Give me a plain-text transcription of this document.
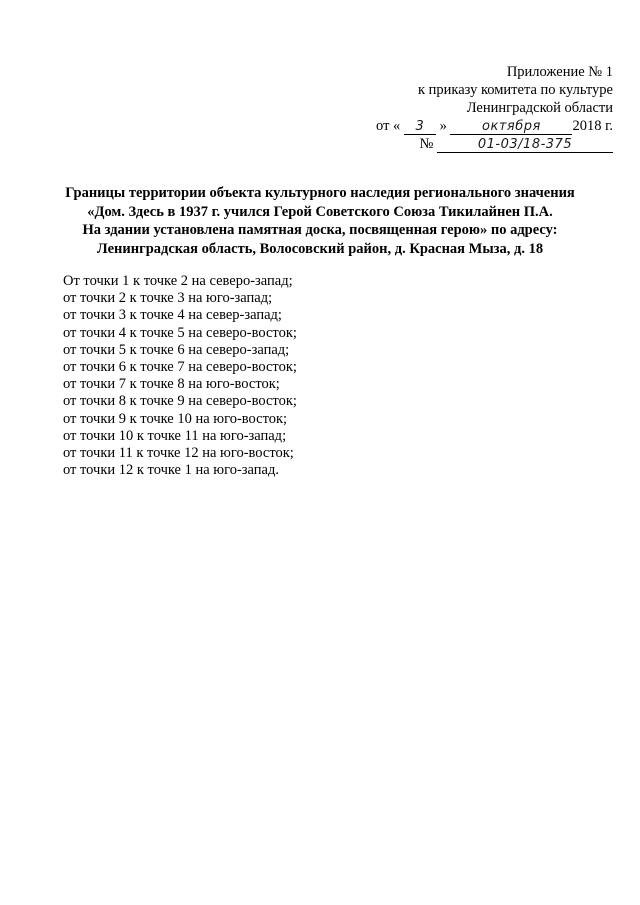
Приложение № 1
к приказу комитета по культуре
Ленинградской области
от « 3 »	октября 2018 г.
№	01-03/18-375
Границы территории объекта культурного наследия регионального значения
«Дом. Здесь в 1937 г. учился Герой Советского Союза Тикилайнен П.А.
На здании установлена памятная доска, посвященная герою» по адресу:
Ленинградская область, Волосовский район, д. Красная Мыза, д. 18
От точки 1 к точке 2 на северо-запад;
от точки 2 к точке 3 на юго-запад;
от точки 3 к точке 4 на север-запад;
от точки 4 к точке 5 на северо-восток;
от точки 5 к точке 6 на северо-запад;
от точки 6 к точке 7 на северо-восток;
от точки 7 к точке 8 на юго-восток;
от точки 8 к точке 9 на северо-восток;
от точки 9 к точке 10 на юго-восток;
от точки 10 к точке 11 на юго-запад;
от точки 11 к точке 12 на юго-восток;
от точки 12 к точке 1 на юго-запад.
